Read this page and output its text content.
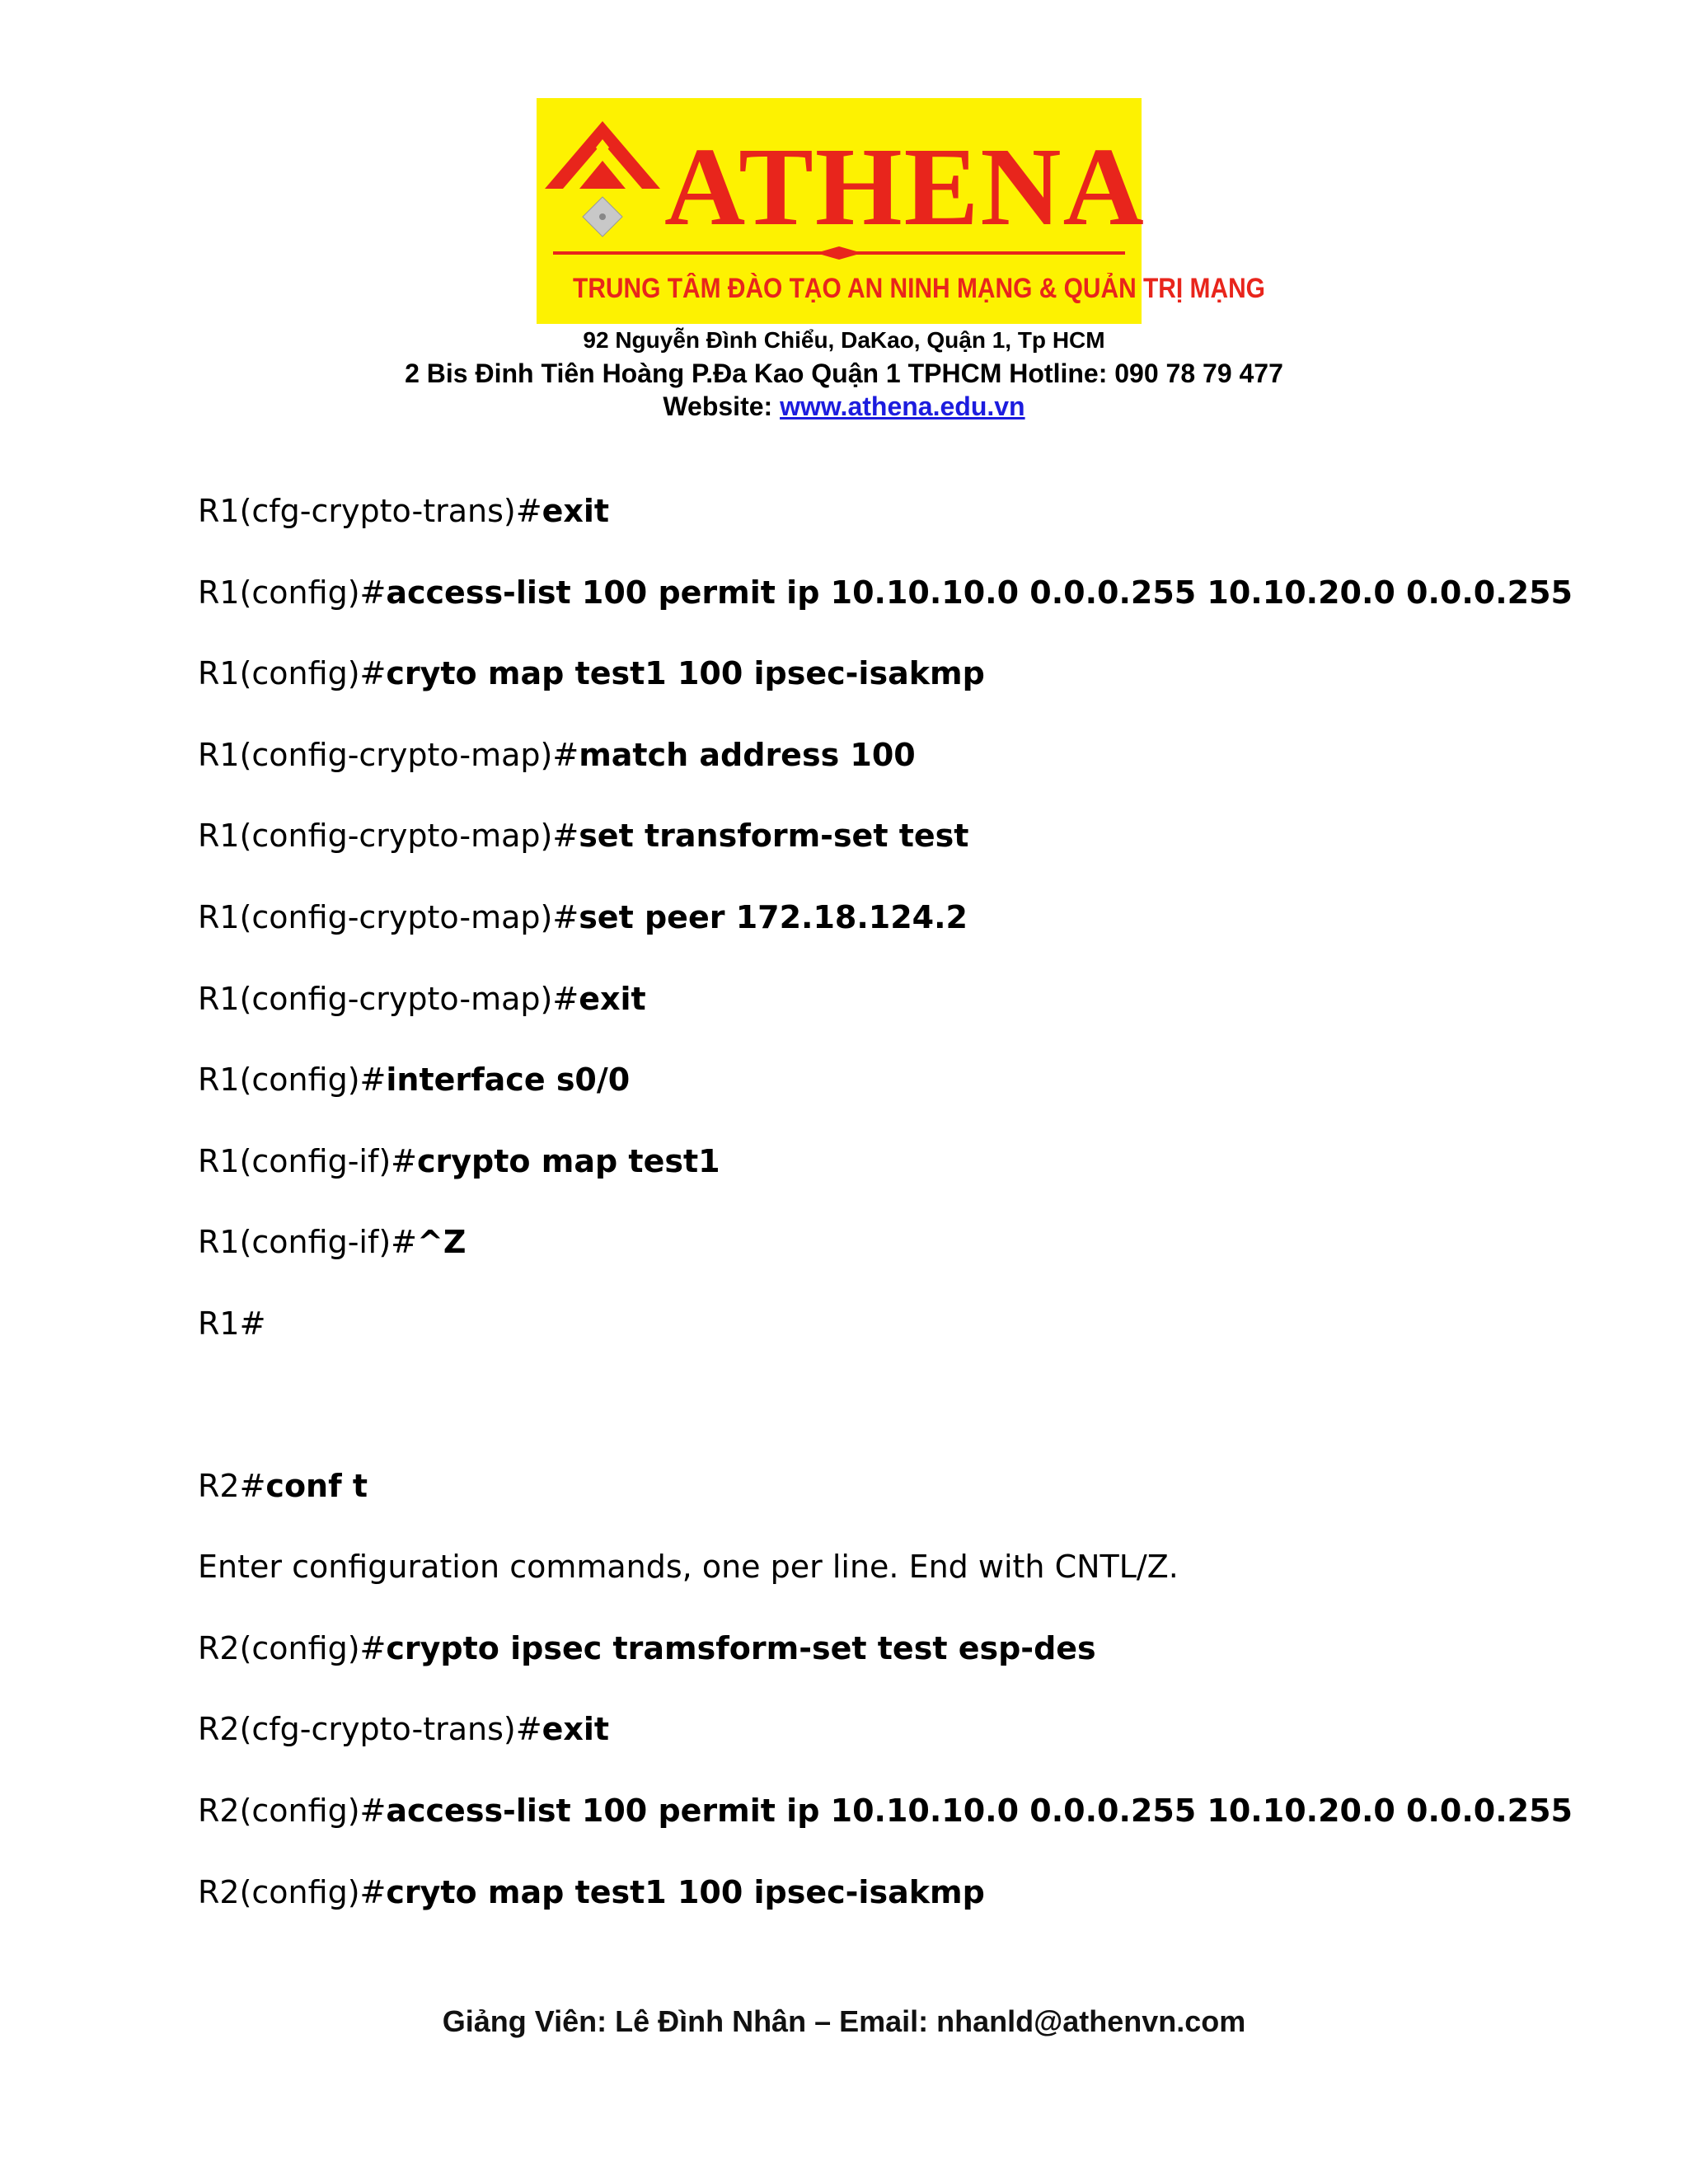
ATHENA
TRUNG TÂM ĐÀO TẠO AN NINH MẠNG & QUẢN TRỊ MẠNG
92 Nguyễn Đình Chiểu, DaKao, Quận 1, Tp HCM
2 Bis Đinh Tiên Hoàng P.Đa Kao Quận 1 TPHCM Hotline: 090 78 79 477
Website: www.athena.edu.vn
R1(cfg-crypto-trans)#exit
R1(config)#access-list 100 permit ip 10.10.10.0 0.0.0.255 10.10.20.0 0.0.0.255
R1(config)#cryto map test1 100 ipsec-isakmp
R1(config-crypto-map)#match address 100
R1(config-crypto-map)#set transform-set test
R1(config-crypto-map)#set peer 172.18.124.2
R1(config-crypto-map)#exit
R1(config)#interface s0/0
R1(config-if)#crypto map test1
R1(config-if)#^Z
R1#
R2#conf t
Enter configuration commands, one per line. End with CNTL/Z.
R2(config)#crypto ipsec tramsform-set test esp-des
R2(cfg-crypto-trans)#exit
R2(config)#access-list 100 permit ip 10.10.10.0 0.0.0.255 10.10.20.0 0.0.0.255
R2(config)#cryto map test1 100 ipsec-isakmp
Giảng Viên: Lê Đình Nhân – Email: nhanld@athenvn.com
